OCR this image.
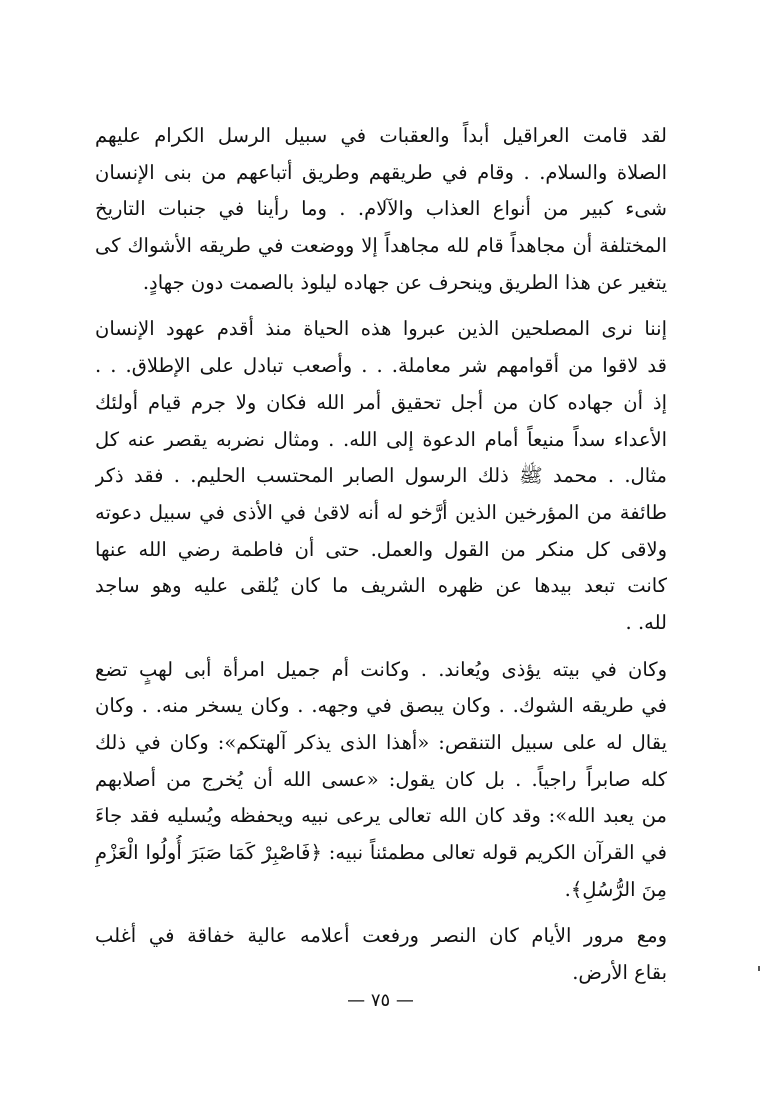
لقد قامت العراقيل أبداً والعقبات في سبيل الرسل الكرام عليهم
الصلاة والسلام. . وقام في طريقهم وطريق أتباعهم من بنى الإنسان
شىء كبير من أنواع العذاب والآلام. . وما رأينا في جنبات التاريخ
المختلفة أن مجاهداً قام لله مجاهداً إلا ووضعت في طريقه الأشواك كى
يتغير عن هذا الطريق وينحرف عن جهاده ليلوذ بالصمت دون جهادٍ.
إننا نرى المصلحين الذين عبروا هذه الحياة منذ أقدم عهود الإنسان
قد لاقوا من أقوامهم شر معاملة. . . وأصعب تبادل على الإطلاق. . .
إذ أن جهاده كان من أجل تحقيق أمر الله فكان ولا جرم قيام أولئك
الأعداء سداً منيعاً أمام الدعوة إلى الله. . ومثال نضربه يقصر عنه كل
مثال. . محمد ﷺ ذلك الرسول الصابر المحتسب الحليم. . فقد ذكر
طائفة من المؤرخين الذين أرَّخو له أنه لاقىٰ في الأذى في سبيل دعوته
ولاقى كل منكر من القول والعمل. حتى أن فاطمة رضي الله عنها
كانت تبعد بيدها عن ظهره الشريف ما كان يُلقى عليه وهو ساجد
لله. .
وكان في بيته يؤذى ويُعاند. . وكانت أم جميل امرأة أبى لهبٍ تضع
في طريقه الشوك. . وكان يبصق في وجهه. . وكان يسخر منه. . وكان
يقال له على سبيل التنقص: «أهذا الذى يذكر آلهتكم»: وكان في ذلك
كله صابراً راجياً. . بل كان يقول: «عسى الله أن يُخرج من أصلابهم
من يعبد الله»: وقد كان الله تعالى يرعى نبيه ويحفظه ويُسليه فقد جاءَ
في القرآن الكريم قوله تعالى مطمئناً نبيه: ﴿فَاصْبِرْ كَمَا صَبَرَ أُولُوا الْعَزْمِ
مِنَ الرُّسُلِ﴾.
ومع مرور الأيام كان النصر ورفعت أعلامه عالية خفاقة في أغلب
بقاع الأرض.
— ٧٥ —
